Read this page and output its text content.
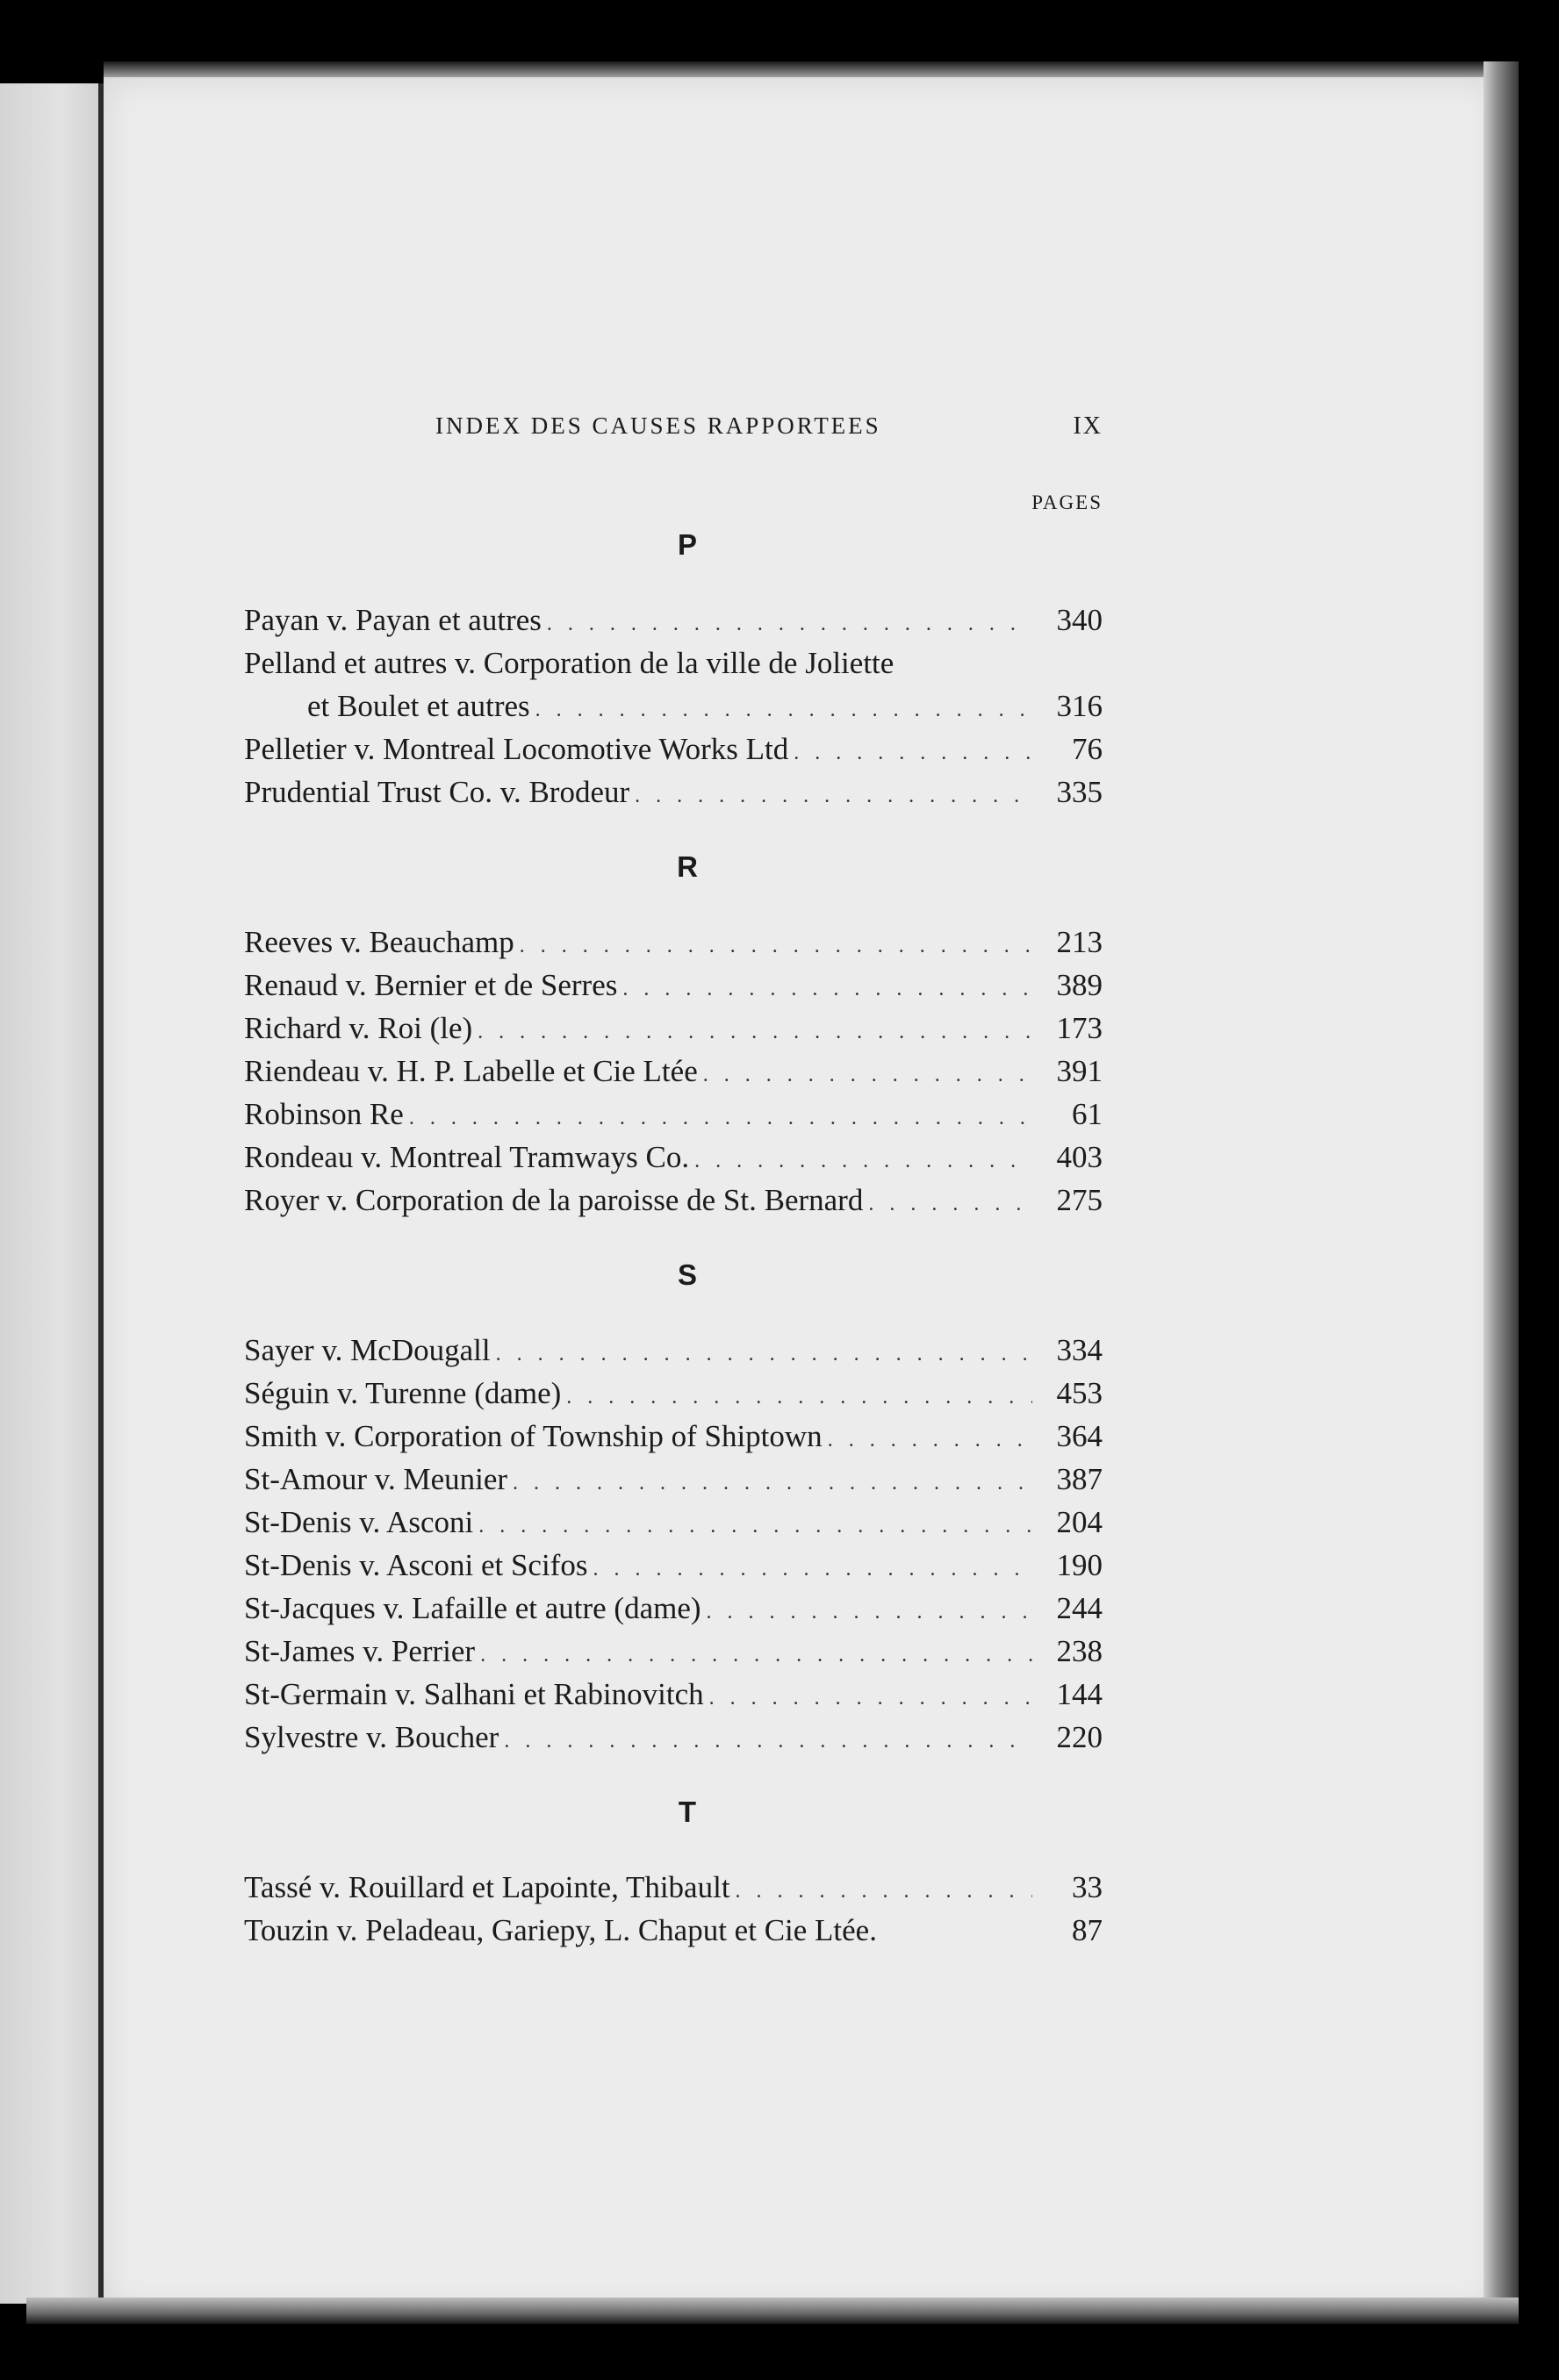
INDEX DES CAUSES RAPPORTEES	IX
PAGES
P
Payan v. Payan et autres . . .	340
Pelland et autres v. Corporation de la ville de Joliette
et Boulet et autres . . .	316
Pelletier v. Montreal Locomotive Works Ltd . . .	76
Prudential Trust Co. v. Brodeur . . .	335
R
Reeves v. Beauchamp . . .	213
Renaud v. Bernier et de Serres . . .	389
Richard v. Roi (le) . . .	173
Riendeau v. H. P. Labelle et Cie Ltée . . .	391
Robinson Re . . .	61
Rondeau v. Montreal Tramways Co. . . .	403
Royer v. Corporation de la paroisse de St. Bernard . . .	275
S
Sayer v. McDougall . . .	334
Séguin v. Turenne (dame) . . .	453
Smith v. Corporation of Township of Shiptown . . .	364
St-Amour v. Meunier . . .	387
St-Denis v. Asconi . . .	204
St-Denis v. Asconi et Scifos . . .	190
St-Jacques v. Lafaille et autre (dame) . . .	244
St-James v. Perrier . . .	238
St-Germain v. Salhani et Rabinovitch . . .	144
Sylvestre v. Boucher . . .	220
T
Tassé v. Rouillard et Lapointe, Thibault . . .	33
Touzin v. Peladeau, Gariepy, L. Chaput et Cie Ltée.	87
